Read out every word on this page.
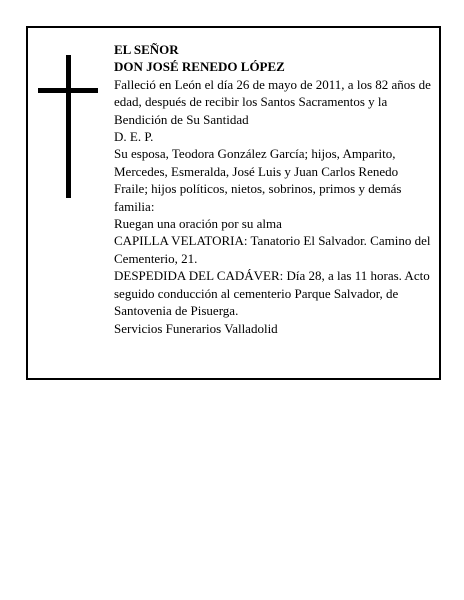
EL SEÑOR

DON JOSÉ RENEDO LÓPEZ

Falleció en León el día 26 de mayo de 2011, a los 82 años de edad, después de recibir los Santos Sacramentos y la Bendición de Su Santidad

D. E. P.

Su esposa, Teodora González García; hijos, Amparito, Mercedes, Esmeralda, José Luis y Juan Carlos Renedo Fraile; hijos políticos, nietos, sobrinos, primos y demás familia:

Ruegan una oración por su alma

CAPILLA VELATORIA: Tanatorio El Salvador. Camino del Cementerio, 21.

DESPEDIDA DEL CADÁVER: Día 28, a las 11 horas. Acto seguido conducción al cementerio Parque Salvador, de Santovenia de Pisuerga.

Servicios Funerarios Valladolid
